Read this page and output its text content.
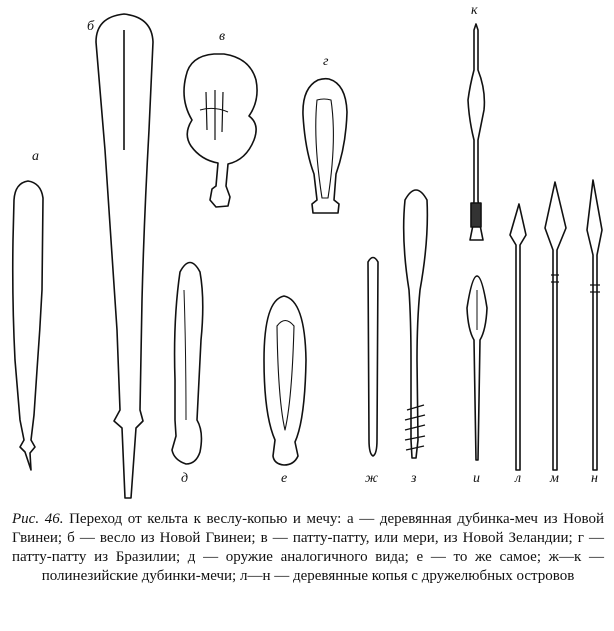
а
б
в
г
д	е	ж з	и
к
л м н
Рис. 46. Переход от кельта к веслу-копью и мечу: а — деревянная дубинка-меч из Новой Гвинеи; б — весло из Новой Гвинеи; в — патту-патту, или мери, из Новой Зеландии; г — патту-патту из Бразилии; д — оружие аналогичного вида; е — то же самое; ж—к — полинезийские дубинки-мечи; л—н — деревянные копья с дружелюбных островов
